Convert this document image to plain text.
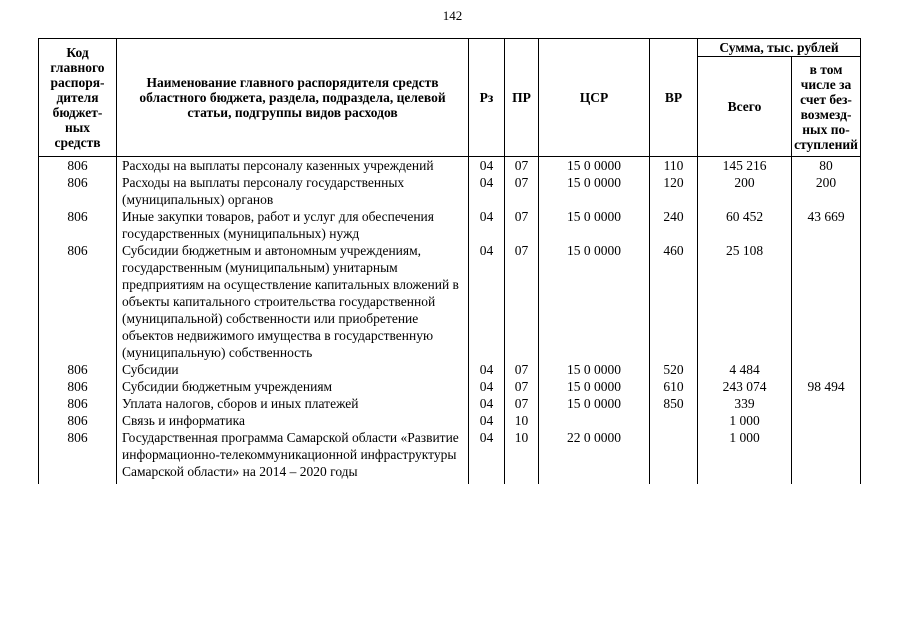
142
Код главного распоря-дителя бюджет-ных средств	Наименование главного распорядителя средств областного бюджета, раздела, подраздела, целевой статьи, подгруппы видов расходов	Рз	ПР	ЦСР	ВР	Сумма, тыс. рублей	
						Всего	в том числе за счет без-возмезд-ных по-ступлений
806	Расходы на выплаты персоналу казенных учреждений	04	07	15 0 0000	110	145 216	80
806	Расходы на выплаты персоналу государственных (муниципальных) органов	04	07	15 0 0000	120	200	200
806	Иные закупки товаров, работ и услуг для обеспечения государственных (муниципальных) нужд	04	07	15 0 0000	240	60 452	43 669
806	Субсидии бюджетным и автономным учреждениям, государственным (муниципальным) унитарным предприятиям на осуществление капитальных вложений в объекты капитального строительства государственной (муниципальной) собственности или приобретение объектов недвижимого имущества в государственную (муниципальную) собственность	04	07	15 0 0000	460	25 108	
806	Субсидии	04	07	15 0 0000	520	4 484	
806	Субсидии бюджетным учреждениям	04	07	15 0 0000	610	243 074	98 494
806	Уплата налогов, сборов и иных платежей	04	07	15 0 0000	850	339	
806	Связь и информатика	04	10			1 000	
806	Государственная программа Самарской области «Развитие информационно-телекоммуникационной инфраструктуры Самарской области» на 2014 – 2020 годы	04	10	22 0 0000		1 000	
